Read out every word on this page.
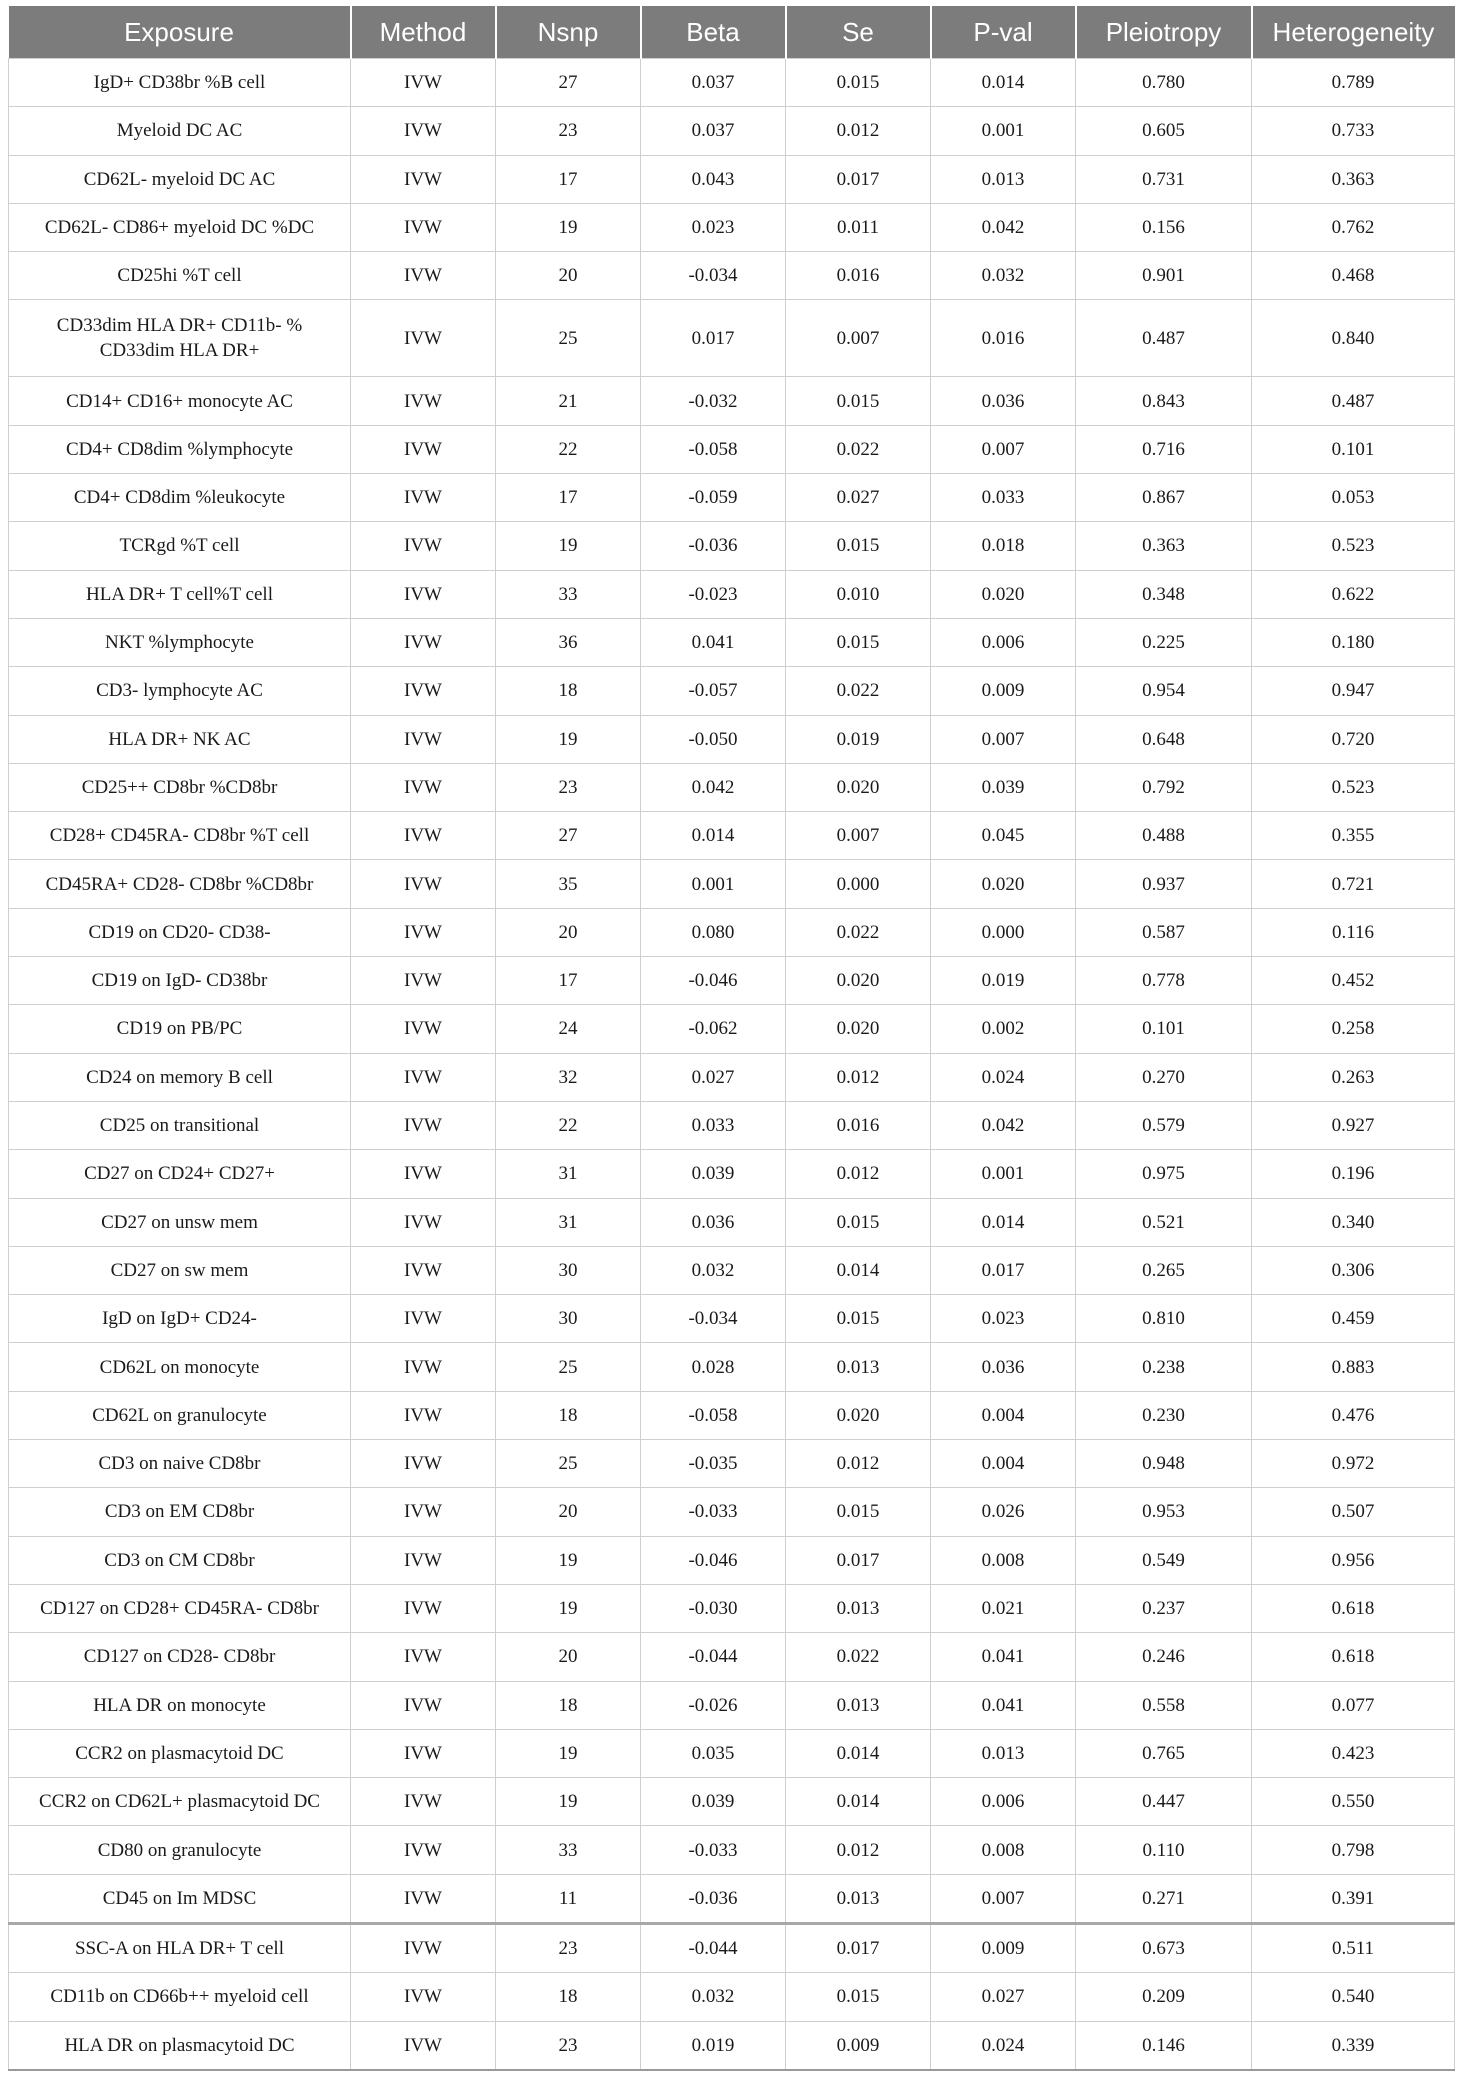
Exposure	Method	Nsnp	Beta	Se	P-val	Pleiotropy	Heterogeneity
IgD+ CD38br %B cell	IVW	27	0.037	0.015	0.014	0.780	0.789
Myeloid DC AC	IVW	23	0.037	0.012	0.001	0.605	0.733
CD62L- myeloid DC AC	IVW	17	0.043	0.017	0.013	0.731	0.363
CD62L- CD86+ myeloid DC %DC	IVW	19	0.023	0.011	0.042	0.156	0.762
CD25hi %T cell	IVW	20	-0.034	0.016	0.032	0.901	0.468
CD33dim HLA DR+ CD11b- %
CD33dim HLA DR+	IVW	25	0.017	0.007	0.016	0.487	0.840
CD14+ CD16+ monocyte AC	IVW	21	-0.032	0.015	0.036	0.843	0.487
CD4+ CD8dim %lymphocyte	IVW	22	-0.058	0.022	0.007	0.716	0.101
CD4+ CD8dim %leukocyte	IVW	17	-0.059	0.027	0.033	0.867	0.053
TCRgd %T cell	IVW	19	-0.036	0.015	0.018	0.363	0.523
HLA DR+ T cell%T cell	IVW	33	-0.023	0.010	0.020	0.348	0.622
NKT %lymphocyte	IVW	36	0.041	0.015	0.006	0.225	0.180
CD3- lymphocyte AC	IVW	18	-0.057	0.022	0.009	0.954	0.947
HLA DR+ NK AC	IVW	19	-0.050	0.019	0.007	0.648	0.720
CD25++ CD8br %CD8br	IVW	23	0.042	0.020	0.039	0.792	0.523
CD28+ CD45RA- CD8br %T cell	IVW	27	0.014	0.007	0.045	0.488	0.355
CD45RA+ CD28- CD8br %CD8br	IVW	35	0.001	0.000	0.020	0.937	0.721
CD19 on CD20- CD38-	IVW	20	0.080	0.022	0.000	0.587	0.116
CD19 on IgD- CD38br	IVW	17	-0.046	0.020	0.019	0.778	0.452
CD19 on PB/PC	IVW	24	-0.062	0.020	0.002	0.101	0.258
CD24 on memory B cell	IVW	32	0.027	0.012	0.024	0.270	0.263
CD25 on transitional	IVW	22	0.033	0.016	0.042	0.579	0.927
CD27 on CD24+ CD27+	IVW	31	0.039	0.012	0.001	0.975	0.196
CD27 on unsw mem	IVW	31	0.036	0.015	0.014	0.521	0.340
CD27 on sw mem	IVW	30	0.032	0.014	0.017	0.265	0.306
IgD on IgD+ CD24-	IVW	30	-0.034	0.015	0.023	0.810	0.459
CD62L on monocyte	IVW	25	0.028	0.013	0.036	0.238	0.883
CD62L on granulocyte	IVW	18	-0.058	0.020	0.004	0.230	0.476
CD3 on naive CD8br	IVW	25	-0.035	0.012	0.004	0.948	0.972
CD3 on EM CD8br	IVW	20	-0.033	0.015	0.026	0.953	0.507
CD3 on CM CD8br	IVW	19	-0.046	0.017	0.008	0.549	0.956
CD127 on CD28+ CD45RA- CD8br	IVW	19	-0.030	0.013	0.021	0.237	0.618
CD127 on CD28- CD8br	IVW	20	-0.044	0.022	0.041	0.246	0.618
HLA DR on monocyte	IVW	18	-0.026	0.013	0.041	0.558	0.077
CCR2 on plasmacytoid DC	IVW	19	0.035	0.014	0.013	0.765	0.423
CCR2 on CD62L+ plasmacytoid DC	IVW	19	0.039	0.014	0.006	0.447	0.550
CD80 on granulocyte	IVW	33	-0.033	0.012	0.008	0.110	0.798
CD45 on Im MDSC	IVW	11	-0.036	0.013	0.007	0.271	0.391
SSC-A on HLA DR+ T cell	IVW	23	-0.044	0.017	0.009	0.673	0.511
CD11b on CD66b++ myeloid cell	IVW	18	0.032	0.015	0.027	0.209	0.540
HLA DR on plasmacytoid DC	IVW	23	0.019	0.009	0.024	0.146	0.339
